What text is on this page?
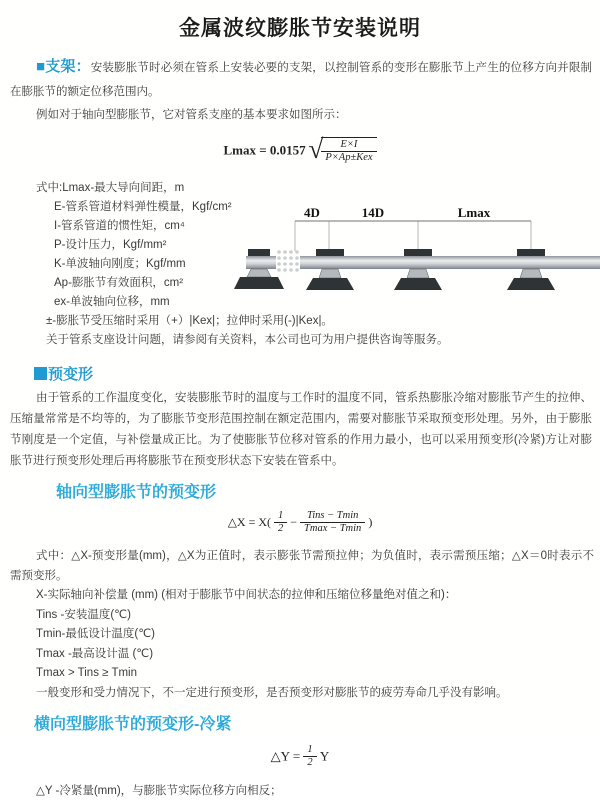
金属波纹膨胀节安装说明

■支架：安装膨胀节时必须在管系上安装必要的支架，以控制管系的变形在膨胀节上产生的位移方向并限制在膨胀节的额定位移范围内。

例如对于轴向型膨胀节，它对管系支座的基本要求如图所示：

Lmax = 0.0157 √
$\frac{E\times I}{\text{P×Ap±Kex}}$
式中:Lmax-最大导向间距，m
E-管系管道材料弹性模量，Kgf/cm²
I-管系管道的惯性矩，cm⁴
P-设计压力，Kgf/mm²
K-单波轴向刚度；Kgf/mm
Ap-膨胀节有效面积，cm²
ex-单波轴向位移，mm
±-膨胀节受压缩时采用（+）|Kex|；拉伸时采用(-)|Kex|。
关于管系支座设计问题，请参阅有关资料，本公司也可为用户提供咨询等服务。
4D	14D	Lmax
预变形

由于管系的工作温度变化，安装膨胀节时的温度与工作时的温度不同，管系热膨胀冷缩对膨胀节产生的拉伸、压缩量常常是不均等的，为了膨胀节变形范围控制在额定范围内，需要对膨胀节采取预变形处理。另外，由于膨胀节刚度是一个定值，与补偿量成正比。为了使膨胀节位移对管系的作用力最小，也可以采用预变形(冷紧)方让对膨胀节进行预变形处理后再将膨胀节在预变形状态下安装在管系中。

轴向型膨胀节的预变形
△X = $X( \frac{1}{2} - \frac{\text{Tins − Tmin}}{Tmax - Tmin}$ )

式中：△X-预变形量(mm)，△X为正值时，表示膨张节需预拉伸；为负值时，表示需预压缩；△X＝0时表示不需预变形。

X-实际轴向补偿量 (mm) (相对于膨胀节中间状态的拉伸和压缩位移量绝对值之和)：
Tins -安装温度(℃)
Tmin-最低设计温度(℃)
Tmax -最高设计温 (℃)
Tmax > Tins ≥ Tmin
一般变形和受力情况下，不一定进行预变形，是否预变形对膨胀节的疲劳寿命几乎没有影响。
横向型膨胀节的预变形-冷紧
△Y = $\frac{1}{2}$ Y

△Y -冷紧量(mm)，与膨胀节实际位移方向相反；
